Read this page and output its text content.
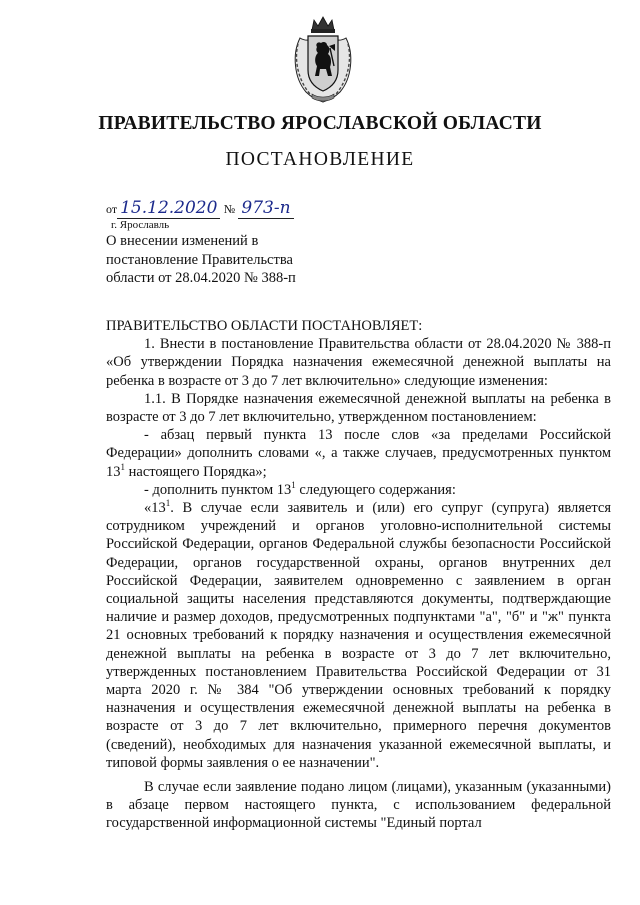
ПРАВИТЕЛЬСТВО ЯРОСЛАВСКОЙ ОБЛАСТИ
ПОСТАНОВЛЕНИЕ
от 15.12.2020 № 973-п
г. Ярославль
О внесении изменений в
постановление Правительства
области от 28.04.2020 № 388-п

ПРАВИТЕЛЬСТВО ОБЛАСТИ ПОСТАНОВЛЯЕТ:

1. Внести в постановление Правительства области от 28.04.2020 № 388-п «Об утверждении Порядка назначения ежемесячной денежной выплаты на ребенка в возрасте от 3 до 7 лет включительно» следующие изменения:

1.1. В Порядке назначения ежемесячной денежной выплаты на ребенка в возрасте от 3 до 7 лет включительно, утвержденном постановлением:

- абзац первый пункта 13 после слов «за пределами Российской Федерации» дополнить словами «, а также случаев, предусмотренных пунктом $13^1$ настоящего Порядка»;

- дополнить пунктом $13^1$ следующего содержания:

«$13^1$. В случае если заявитель и (или) его супруг (супруга) является сотрудником учреждений и органов уголовно-исполнительной системы Российской Федерации, органов Федеральной службы безопасности Российской Федерации, органов государственной охраны, органов внутренних дел Российской Федерации, заявителем одновременно с заявлением в орган социальной защиты населения представляются документы, подтверждающие наличие и размер доходов, предусмотренных подпунктами "а", "б" и "ж" пункта 21 основных требований к порядку назначения и осуществления ежемесячной денежной выплаты на ребенка в возрасте от 3 до 7 лет включительно, утвержденных постановлением Правительства Российской Федерации от 31 марта 2020 г. № 384 "Об утверждении основных требований к порядку назначения и осуществления ежемесячной денежной выплаты на ребенка в возрасте от 3 до 7 лет включительно, примерного перечня документов (сведений), необходимых для назначения указанной ежемесячной выплаты, и типовой формы заявления о ее назначении".

В случае если заявление подано лицом (лицами), указанным (указанными) в абзаце первом настоящего пункта, с использованием федеральной государственной информационной системы "Единый портал
